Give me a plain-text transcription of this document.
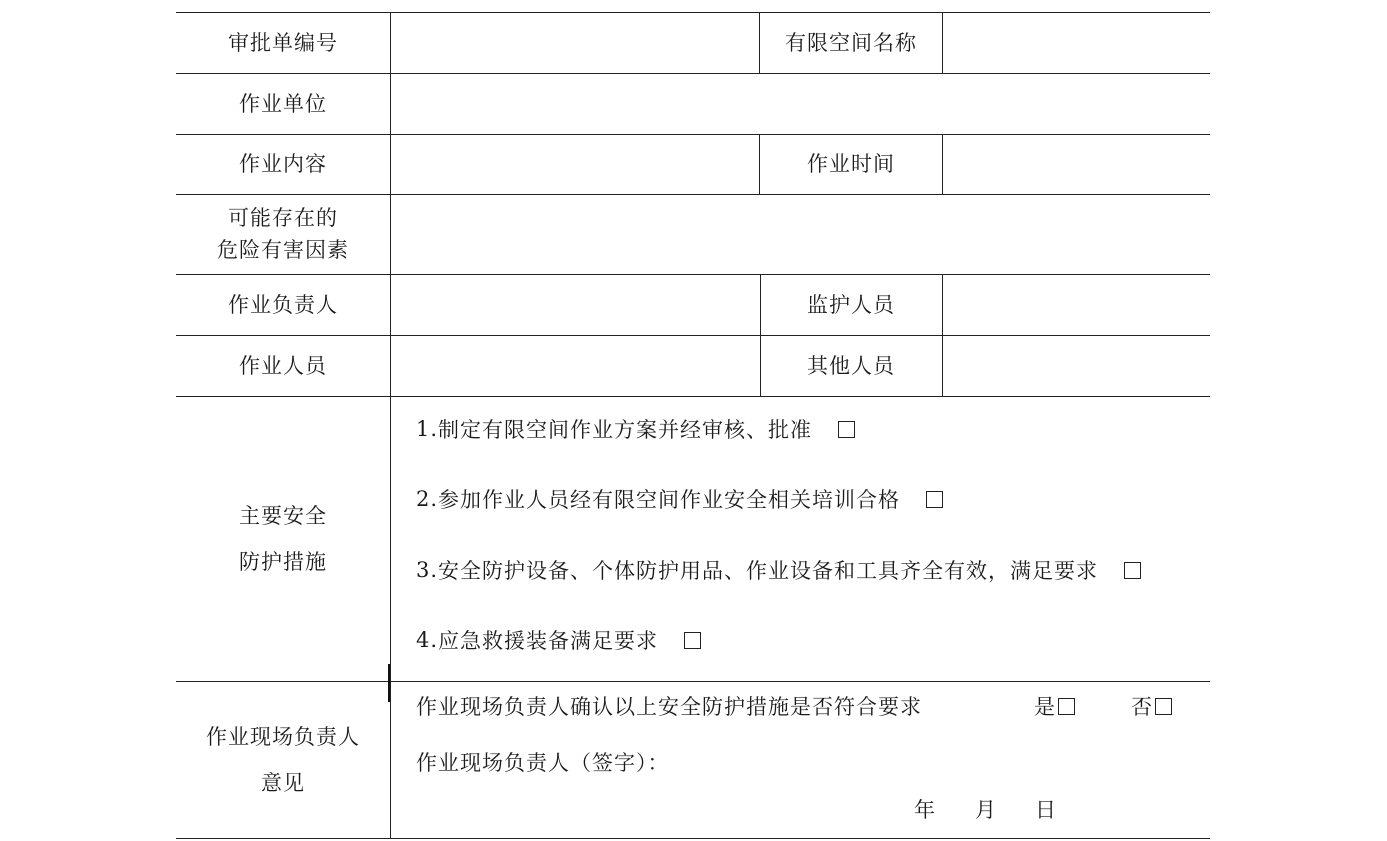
审批单编号	有限空间名称
作业单位
作业内容	作业时间
可能存在的
危险有害因素
作业负责人	监护人员
作业人员	其他人员
主要安全
防护措施
1. 制定有限空间作业方案并经审核、批准
2. 参加作业人员经有限空间作业安全相关培训合格
3. 安全防护设备、个体防护用品、作业设备和工具齐全有效，满足要求
4. 应急救援装备满足要求
作业现场负责人
意见
作业现场负责人确认以上安全防护措施是否符合要求	是	否
作业现场负责人（签字）：
年 月 日
